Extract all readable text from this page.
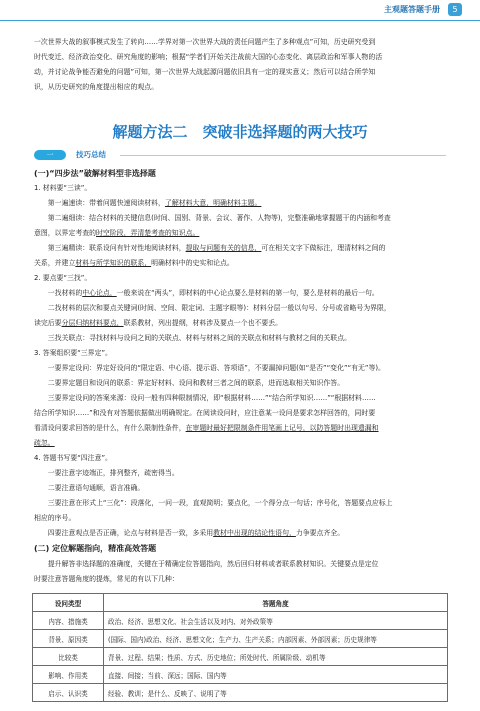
主观题答题手册	5

一次世界大战的叙事模式发生了转向……学界对第一次世界大战的责任问题产生了多种观点”可知，历史研究受到

时代变迁、经济政治变化、研究角度的影响；根据“学者们开始关注战前大国的心态变化、离层政治和军事人物的活

动，并讨论战争能否避免的问题”可知，第一次世界大战起源问题依旧具有一定的现实意义；然后可以结合所学知

识，从历史研究的角度提出相应的观点。

解题方法二　突破非选择题的两大技巧
一	技巧总结
(一)“四步法”破解材料型非选择题

1. 材料要“三读”。

第一遍速读：带着问题快速阅读材料，了解材料大意，明确材料主题。

第二遍细读：结合材料的关键信息(时间、国别、背景、会议、著作、人物等)，完整准确地掌握题干的内涵和考查

意图，以界定考查的时空阶段，弄清楚考查的知识点。

第三遍精读：联系设问有针对性地阅读材料，提取与问题有关的信息，可在相关文字下做标注，理清材料之间的

关系，并建立材料与所学知识的联系，明确材料中的史实和论点。

2. 要点要“三找”。

一找材料的中心论点，一般来说在“两头”，即材料的中心论点要么是材料的第一句，要么是材料的最后一句。

二找材料的层次和要点关键词(时间、空间、限定词、主题字眼等)：材料分层一般以句号、分号或省略号为界限，

读完后要分层归纳材料要点，联系教材，列出提纲，材料涉及要点一个也不要丢。

三找关联点：寻找材料与设问之间的关联点、材料与材料之间的关联点和材料与教材之间的关联点。

3. 答案组织要“三界定”。

一要界定设问：界定好设问的“限定语、中心语、提示语、答项语”，不要漏掉问题(如“是否”“变化”“有无”等)。

二要界定题目和设问的联系：界定好材料、设问和教材三者之间的联系，进而选取相关知识作答。

三要界定设问的答案来源：设问一般有四种限制情况，即“根据材料……”“结合所学知识……”“根据材料……

结合所学知识……”和没有对答题依据做出明确规定。在阅读设问时，应注意某一设问是要求怎样回答的，同时要

看清设问要求回答的是什么，有什么限制性条件，在审题时最好把限制条件用笔画上记号，以防答题时出现遗漏和

疏忽。

4. 答题书写要“四注意”。

一要注意字迹端正，排列整齐，疏密得当。

二要注意语句通顺，语言准确。

三要注意在形式上“三化”：段落化，一问一段，直观简明；要点化，一个得分点一句话；序号化，答题要点应标上

相应的序号。

四要注意观点是否正确，论点与材料是否一致，多采用教材中出现的结论性语句，力争要点齐全。

(二) 定位解题指向，精准高效答题

提升解答非选择题的准确度，关键在于精确定位答题指向，然后回归材料或者联系教材知识。关键要点是定位

时要注意答题角度的提炼，常见的有以下几种：

设问类型	答题角度
内容、措施类	政治、经济、思想文化、社会生活以及对内、对外政策等
背景、原因类	(国际、国内)政治、经济、思想文化；生产力、生产关系；内部因素、外部因素；历史规律等
比较类	背景、过程、结果；性质、方式、历史地位；所处时代、所属阶级、动机等
影响、作用类	直接、间接；当前、深远；国际、国内等
启示、认识类	经验、教训；是什么、反映了、说明了等
